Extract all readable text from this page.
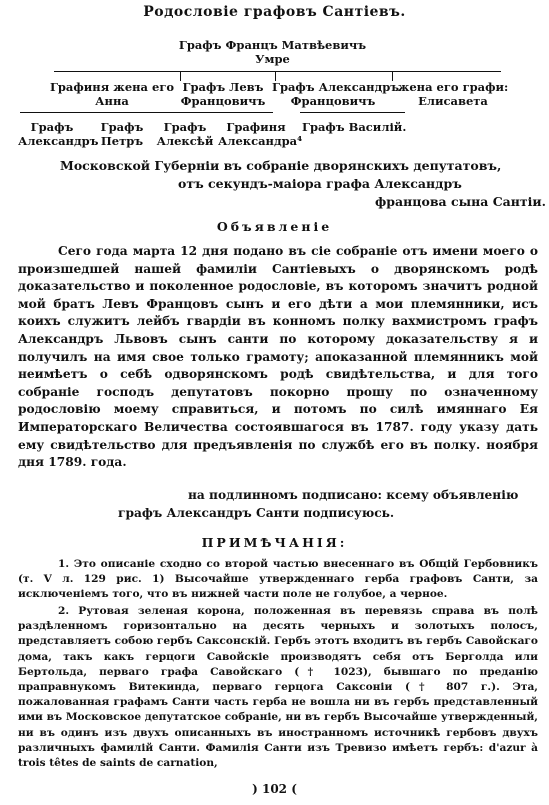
Родословіе графовъ Сантіевъ.
Графъ Францъ Матвѣевичъ
Умре
Графиня жена его
Анна
Графъ Левъ
Францовичъ
Графъ Александръ
Францовичъ
жена его графи:
Елисавета
Графъ
Александръ
Графъ
Петръ
Графъ
Алексѣй
Графиня
Александра⁴
Графъ Василій.
Московской Губерніи въ собраніе дворянскихъ депутатовъ,
отъ секундъ-маіора графа Александръ
францова сына Сантіи.
Объявленіе
Сего года марта 12 дня подано въ сіе собраніе отъ имени моего о произшедшей нашей фамиліи Сантіевыхъ о дворянскомъ родѣ доказательство и поколенное родословіе, въ которомъ значитъ родной мой братъ Левъ Францовъ сынъ и его дѣти а мои племянники, исъ коихъ служитъ лейбъ гвардіи въ конномъ полку вахмистромъ графъ Александръ Львовъ сынъ санти по которому доказательству я и получилъ на имя свое только грамоту; апоказанной племянникъ мой неимѣетъ о себѣ одворянскомъ родѣ свидѣтельства, и для того собраніе господъ депутатовъ покорно прошу по означенному родословію моему справиться, и потомъ по силѣ имяннаго Ея Императорскаго Величества состоявшагося въ 1787. году указу дать ему свидѣтельство для предъявленія по службѣ его въ полку. ноября дня 1789. года.
на подлинномъ подписано: ксему объявленію
графъ Александръ Санти подписуюсь.
ПРИМѢЧАНІЯ:
1. Это описаніе сходно со второй частью внесеннаго въ Общій Гербовникъ (т. V л. 129 рис. 1) Высочайше утвержденнаго герба графовъ Санти, за исключеніемъ того, что въ нижней части поле не голубое, а черное.
2. Рутовая зеленая корона, положенная въ перевязь справа въ полѣ раздѣленномъ горизонтально на десять черныхъ и золотыхъ полосъ, представляетъ собою гербъ Саксонскій. Гербъ этотъ входитъ въ гербъ Савойскаго дома, такъ какъ герцоги Савойскіе производятъ себя отъ Берголда или Бертольда, перваго графа Савойскаго († 1023), бывшаго по преданію праправнукомъ Витекинда, перваго герцога Саксоніи († 807 г.). Эта, пожалованная графамъ Санти часть герба не вошла ни въ гербъ представленный ими въ Московское депутатское собраніе, ни въ гербъ Высочайше утвержденный, ни въ одинъ изъ двухъ описанныхъ въ иностранномъ источникѣ гербовъ двухъ различныхъ фамилій Санти. Фамилія Санти изъ Тревизо имѣетъ гербъ: d'azur à trois têtes de saints de carnation,
) 102 (
